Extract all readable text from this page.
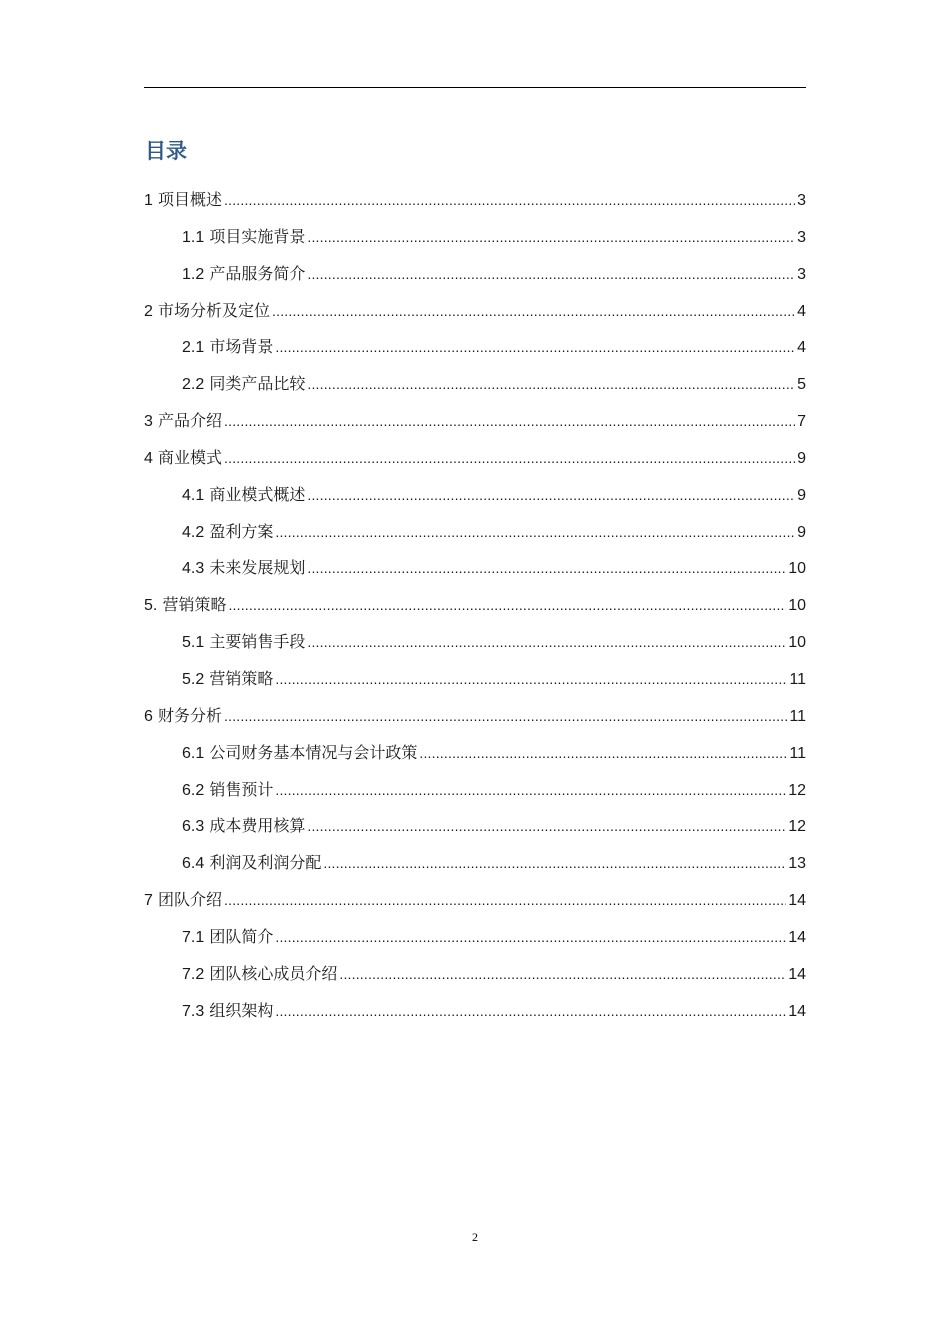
目录
1 项目概述 .....	3
1.1 项目实施背景 .....	3
1.2 产品服务简介 .....	3
2 市场分析及定位 .....	4
2.1 市场背景 .....	4
2.2 同类产品比较 .....	5
3 产品介绍 .....	7
4 商业模式 .....	9
4.1 商业模式概述 .....	9
4.2 盈利方案 .....	9
4.3 未来发展规划 .....	10
5. 营销策略 .....	10
5.1 主要销售手段 .....	10
5.2 营销策略 .....	11
6 财务分析 .....	11
6.1 公司财务基本情况与会计政策 .....	11
6.2 销售预计 .....	12
6.3 成本费用核算 .....	12
6.4 利润及利润分配 .....	13
7 团队介绍 .....	14
7.1 团队简介 .....	14
7.2 团队核心成员介绍 .....	14
7.3 组织架构 .....	14
2
